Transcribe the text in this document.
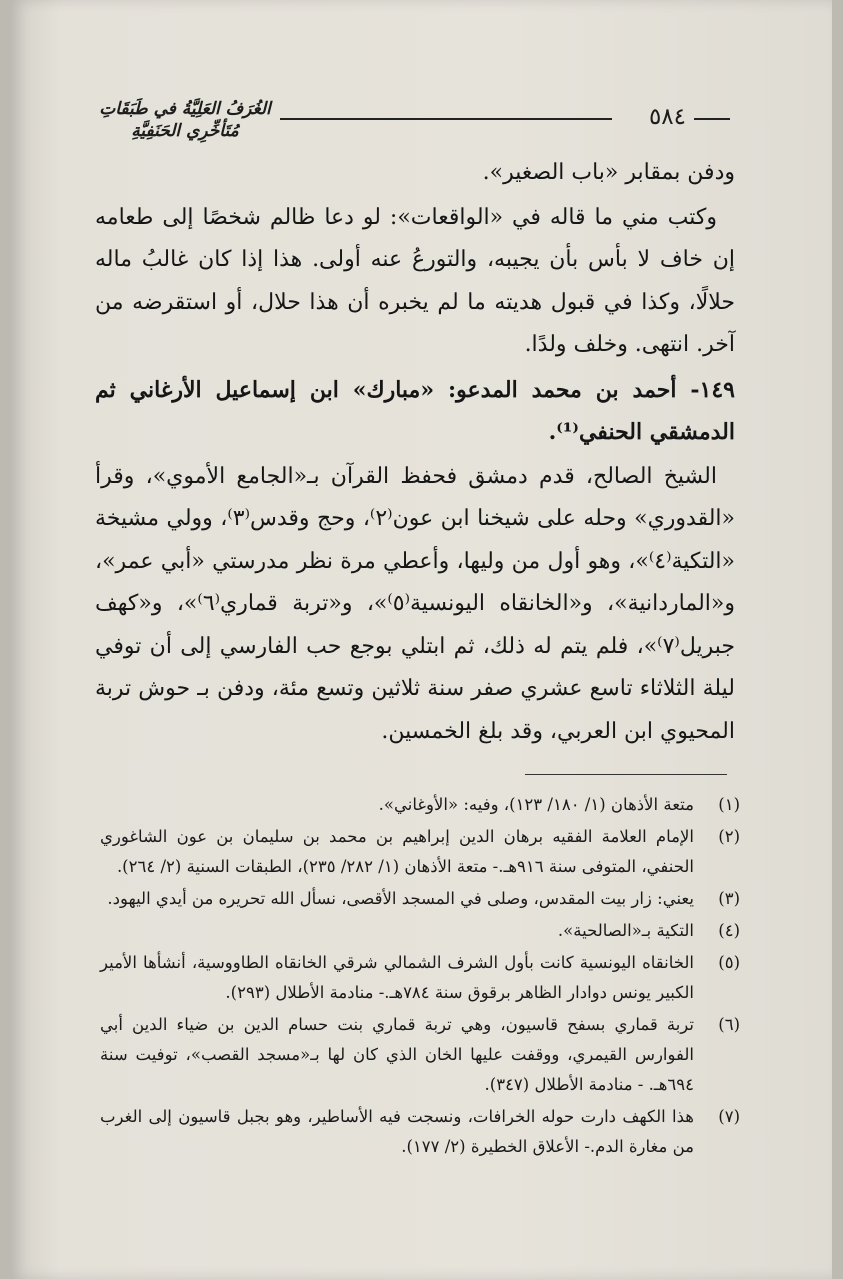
٥٨٤
الغُرَفُ العَلِيَّةُ في طَبَقَاتِ مُتَأخِّرِي الحَنَفِيَّةِ

ودفن بمقابر «باب الصغير».

وكتب مني ما قاله في «الواقعات»: لو دعا ظالم شخصًا إلى طعامه إن خاف لا بأس بأن يجيبه، والتورعُ عنه أولى. هذا إذا كان غالبُ ماله حلالًا، وكذا في قبول هديته ما لم يخبره أن هذا حلال، أو استقرضه من آخر. انتهى. وخلف ولدًا.

١٤٩- أحمد بن محمد المدعو: «مبارك» ابن إسماعيل الأرغاني ثم الدمشقي الحنفي⁽¹⁾.

الشيخ الصالح، قدم دمشق فحفظ القرآن بـ«الجامع الأموي»، وقرأ «القدوري» وحله على شيخنا ابن عون⁽٢⁾، وحج وقدس⁽٣⁾، وولي مشيخة «التكية⁽٤⁾»، وهو أول من وليها، وأعطي مرة نظر مدرستي «أبي عمر»، و«الماردانية»، و«الخانقاه اليونسية⁽٥⁾»، و«تربة قماري⁽٦⁾»، و«كهف جبريل⁽٧⁾»، فلم يتم له ذلك، ثم ابتلي بوجع حب الفارسي إلى أن توفي ليلة الثلاثاء تاسع عشري صفر سنة ثلاثين وتسع مئة، ودفن بـ حوش تربة المحيوي ابن العربي، وقد بلغ الخمسين.

(١)
متعة الأذهان (١/ ١٨٠/ ١٢٣)، وفيه: «الأوغاني».
(٢)
الإمام العلامة الفقيه برهان الدين إبراهيم بن محمد بن سليمان بن عون الشاغوري الحنفي، المتوفى سنة ٩١٦هـ.- متعة الأذهان (١/ ٢٨٢/ ٢٣٥)، الطبقات السنية (٢/ ٢٦٤).
(٣)
يعني: زار بيت المقدس، وصلى في المسجد الأقصى، نسأل الله تحريره من أيدي اليهود.
(٤)
التكية بـ«الصالحية».
(٥)
الخانقاه اليونسية كانت بأول الشرف الشمالي شرقي الخانقاه الطاووسية، أنشأها الأمير الكبير يونس دوادار الظاهر برقوق سنة ٧٨٤هـ.- منادمة الأطلال (٢٩٣).
(٦)
تربة قماري بسفح قاسيون، وهي تربة قماري بنت حسام الدين بن ضياء الدين أبي الفوارس القيمري، ووقفت عليها الخان الذي كان لها بـ«مسجد القصب»، توفيت سنة ٦٩٤هـ. - منادمة الأطلال (٣٤٧).
(٧)
هذا الكهف دارت حوله الخرافات، ونسجت فيه الأساطير، وهو بجبل قاسيون إلى الغرب من مغارة الدم.- الأعلاق الخطيرة (٢/ ١٧٧).
